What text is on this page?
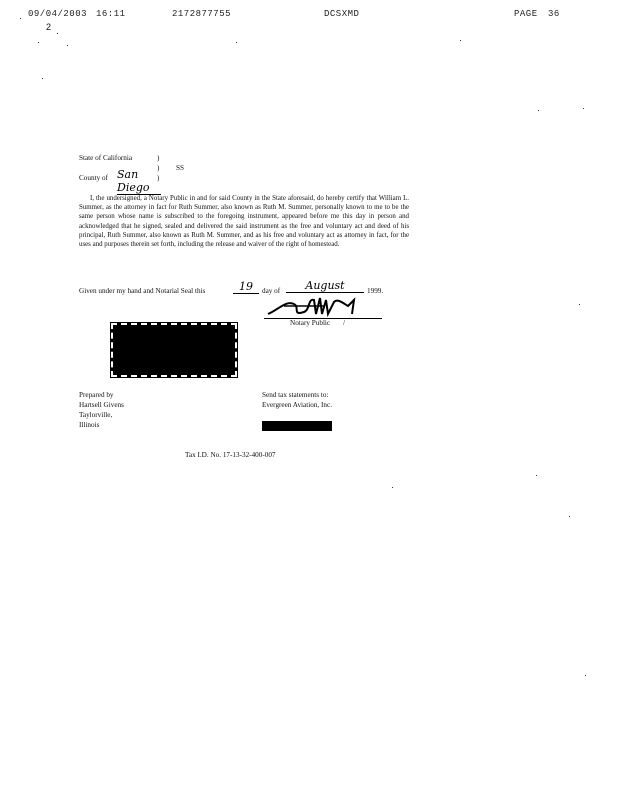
09/04/2003 16:11	2172877755	DCSXMD	PAGE 36
2
State of California	)
) SS
County of San Diego
)

I, the undersigned, a Notary Public in and for said County in the State aforesaid, do hereby certify that William L. Summer, as the attorney in fact for Ruth Summer, also known as Ruth M. Summer, personally known to me to be the same person whose name is subscribed to the foregoing instrument, appeared before me this day in person and acknowledged that he signed, sealed and delivered the said instrument as the free and voluntary act and deed of his principal, Ruth Summer, also known as Ruth M. Summer, and as his free and voluntary act as attorney in fact, for the uses and purposes therein set forth, including the release and waiver of the right of homestead.

Given under my hand and Notarial Seal this	19	day of	August	1999.
Notary Public /
Prepared by
Hartsell Givens
Taylorville,
Illinois
Send tax statements to:
Evergreen Aviation, Inc.
Tax I.D. No. 17-13-32-400-007
